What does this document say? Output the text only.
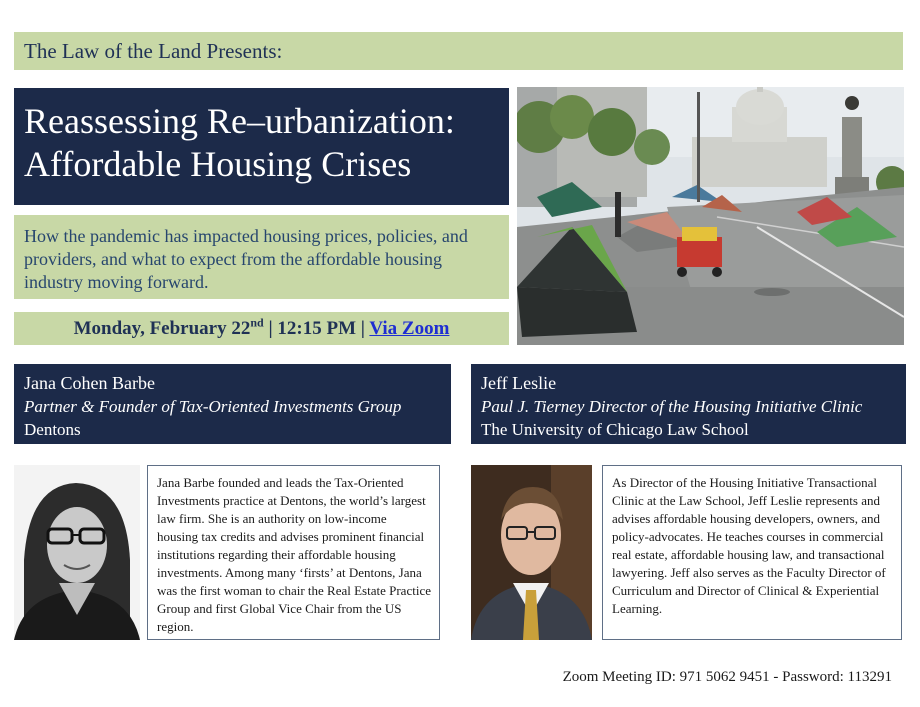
The Law of the Land Presents:
Reassessing Re–urbanization:
Affordable Housing Crises
How the pandemic has impacted housing prices, policies, and providers, and what to expect from the affordable housing industry moving forward.
Monday, February 22nd | 12:15 PM | Via Zoom
Jana Cohen Barbe
Partner & Founder of Tax-Oriented Investments Group
Dentons
Jeff Leslie
Paul J. Tierney Director of the Housing Initiative Clinic
The University of Chicago Law School
Jana Barbe founded and leads the Tax-Oriented Investments practice at Dentons, the world’s largest law firm. She is an authority on low-income housing tax credits and advises prominent financial institutions regarding their affordable housing investments. Among many ‘firsts’ at Dentons, Jana was the first woman to chair the Real Estate Practice Group and first Global Vice Chair from the US region.
As Director of the Housing Initiative Transactional Clinic at the Law School, Jeff Leslie represents and advises affordable housing developers, owners, and policy-advocates. He teaches courses in commercial real estate, affordable housing law, and transactional lawyering. Jeff also serves as the Faculty Director of Curriculum and Director of Clinical & Experiential Learning.
Zoom Meeting ID: 971 5062 9451 - Password: 113291
